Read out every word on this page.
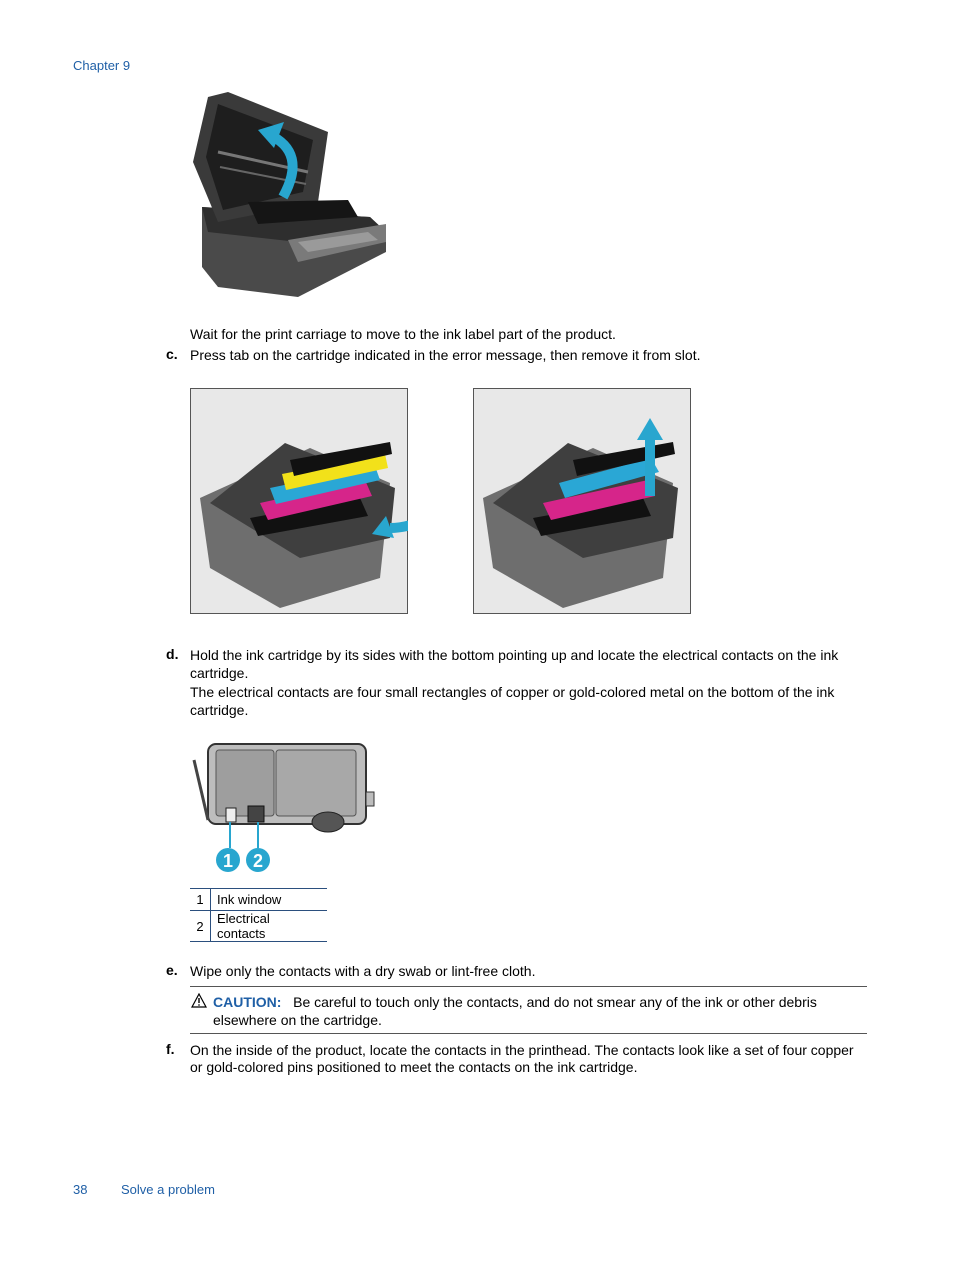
Chapter 9
Wait for the print carriage to move to the ink label part of the product.
c. Press tab on the cartridge indicated in the error message, then remove it from slot.
d. Hold the ink cartridge by its sides with the bottom pointing up and locate the electrical contacts on the ink
cartridge.
The electrical contacts are four small rectangles of copper or gold-colored metal on the bottom of the ink
cartridge.
1 2
1	Ink window
2	Electrical contacts
e. Wipe only the contacts with a dry swab or lint-free cloth.
CAUTION: Be careful to touch only the contacts, and do not smear any of the ink or other debris
elsewhere on the cartridge.
f. On the inside of the product, locate the contacts in the printhead. The contacts look like a set of four copper
or gold-colored pins positioned to meet the contacts on the ink cartridge.
38	Solve a problem
